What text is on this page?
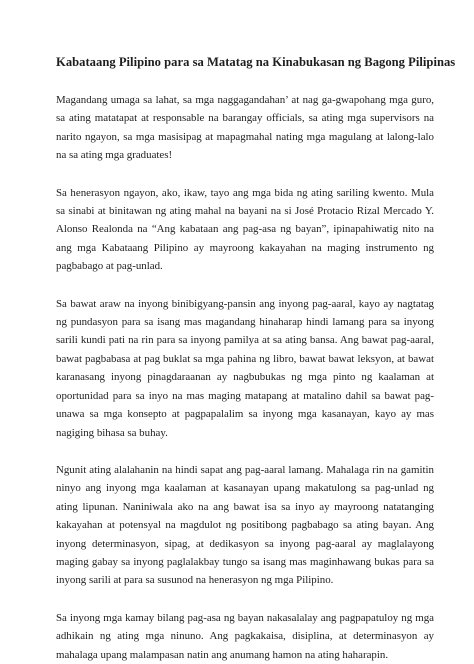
Kabataang Pilipino para sa Matatag na Kinabukasan ng Bagong Pilipinas

Magandang umaga sa lahat, sa mga naggagandahan’ at nag ga-gwapohang mga guro, sa ating matatapat at responsable na barangay officials, sa ating mga supervisors na narito ngayon, sa mga masisipag at mapagmahal nating mga magulang at lalong-lalo na sa ating mga graduates!

Sa henerasyon ngayon, ako, ikaw, tayo ang mga bida ng ating sariling kwento. Mula sa sinabi at binitawan ng ating mahal na bayani na si José Protacio Rizal Mercado Y. Alonso Realonda na “Ang kabataan ang pag-asa ng bayan”, ipinapahiwatig nito na ang mga Kabataang Pilipino ay mayroong kakayahan na maging instrumento ng pagbabago at pag-unlad.

Sa bawat araw na inyong binibigyang-pansin ang inyong pag-aaral, kayo ay nagtatag ng pundasyon para sa isang mas magandang hinaharap hindi lamang para sa inyong sarili kundi pati na rin para sa inyong pamilya at sa ating bansa. Ang bawat pag-aaral, bawat pagbabasa at pag buklat sa mga pahina ng libro, bawat bawat leksyon, at bawat karanasang inyong pinagdaraanan ay nagbubukas ng mga pinto ng kaalaman at oportunidad para sa inyo na mas maging matapang at matalino dahil sa bawat pag-unawa sa mga konsepto at pagpapalalim sa inyong mga kasanayan, kayo ay mas nagiging bihasa sa buhay.

Ngunit ating alalahanin na hindi sapat ang pag-aaral lamang. Mahalaga rin na gamitin ninyo ang inyong mga kaalaman at kasanayan upang makatulong sa pag-unlad ng ating lipunan. Naniniwala ako na ang bawat isa sa inyo ay mayroong natatanging kakayahan at potensyal na magdulot ng positibong pagbabago sa ating bayan. Ang inyong determinasyon, sipag, at dedikasyon sa inyong pag-aaral ay maglalayong maging gabay sa inyong paglalakbay tungo sa isang mas maginhawang bukas para sa inyong sarili at para sa susunod na henerasyon ng mga Pilipino.

Sa inyong mga kamay bilang pag-asa ng bayan nakasalalay ang pagpapatuloy ng mga adhikain ng ating mga ninuno. Ang pagkakaisa, disiplina, at determinasyon ay mahalaga upang malampasan natin ang anumang hamon na ating haharapin.
